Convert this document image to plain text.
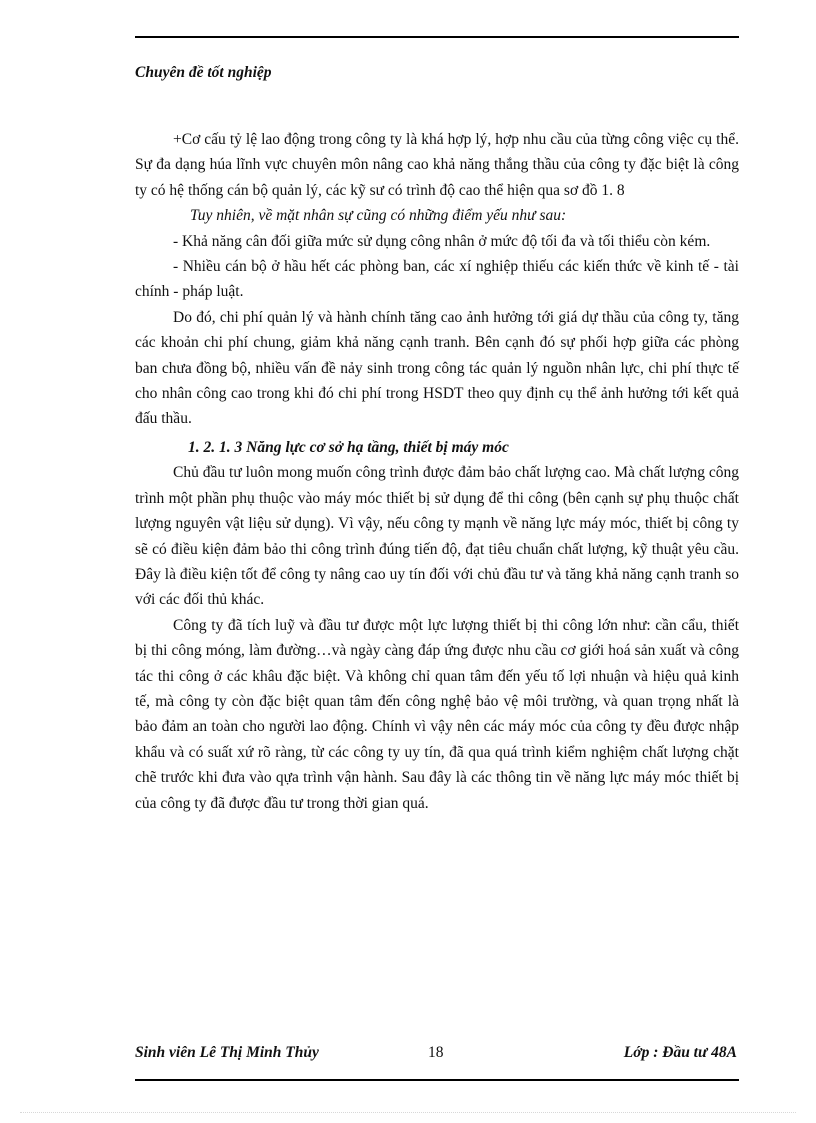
Chuyên đề tốt nghiệp

+Cơ cấu tỷ lệ lao động trong công ty là khá hợp lý, hợp nhu cầu của từng công việc cụ thể. Sự đa dạng húa lĩnh vực chuyên môn nâng cao khả năng thắng thầu của công ty đặc biệt là công ty có hệ thống cán bộ quản lý, các kỹ sư có trình độ cao thể hiện qua sơ đồ 1. 8

Tuy nhiên, về mặt nhân sự cũng có những điểm yếu như sau:

- Khả năng cân đối giữa mức sử dụng công nhân ở mức độ tối đa và tối thiểu còn kém.

- Nhiều cán bộ ở hầu hết các phòng ban, các xí nghiệp thiếu các kiến thức về kinh tế - tài chính - pháp luật.

Do đó, chi phí quản lý và hành chính tăng cao ảnh hưởng tới giá dự thầu của công ty, tăng các khoản chi phí chung, giảm khả năng cạnh tranh. Bên cạnh đó sự phối hợp giữa các phòng ban chưa đồng bộ, nhiều vấn đề nảy sinh trong công tác quản lý nguồn nhân lực, chi phí thực tế cho nhân công cao trong khi đó chi phí trong HSDT theo quy định cụ thể ảnh hưởng tới kết quả đấu thầu.

1. 2. 1. 3 Năng lực cơ sở hạ tầng, thiết bị máy móc

Chủ đầu tư luôn mong muốn công trình được đảm bảo chất lượng cao. Mà chất lượng công trình một phần phụ thuộc vào máy móc thiết bị sử dụng để thi công (bên cạnh sự phụ thuộc chất lượng nguyên vật liệu sử dụng). Vì vậy, nếu công ty mạnh về năng lực máy móc, thiết bị công ty sẽ có điều kiện đảm bảo thi công trình đúng tiến độ, đạt tiêu chuẩn chất lượng, kỹ thuật yêu cầu. Đây là điều kiện tốt để công ty nâng cao uy tín đối với chủ đầu tư và tăng khả năng cạnh tranh so với các đối thủ khác.

Công ty đã tích luỹ và đầu tư được một lực lượng thiết bị thi công lớn như: cần cẩu, thiết bị thi công móng, làm đường…và ngày càng đáp ứng được nhu cầu cơ giới hoá sản xuất và công tác thi công ở các khâu đặc biệt. Và không chỉ quan tâm đến yếu tố lợi nhuận và hiệu quả kinh tế, mà công ty còn đặc biệt quan tâm đến công nghệ bảo vệ môi trường, và quan trọng nhất là bảo đảm an toàn cho người lao động. Chính vì vậy nên các máy móc của công ty đều được nhập khẩu và có suất xứ rõ ràng, từ các công ty uy tín, đã qua quá trình kiểm nghiệm chất lượng chặt chẽ trước khi đưa vào qựa trình vận hành. Sau đây là các thông tin về năng lực máy móc thiết bị của công ty đã được đầu tư trong thời gian quá.

Sinh viên Lê Thị Minh Thủy	18	Lớp : Đầu tư 48A
